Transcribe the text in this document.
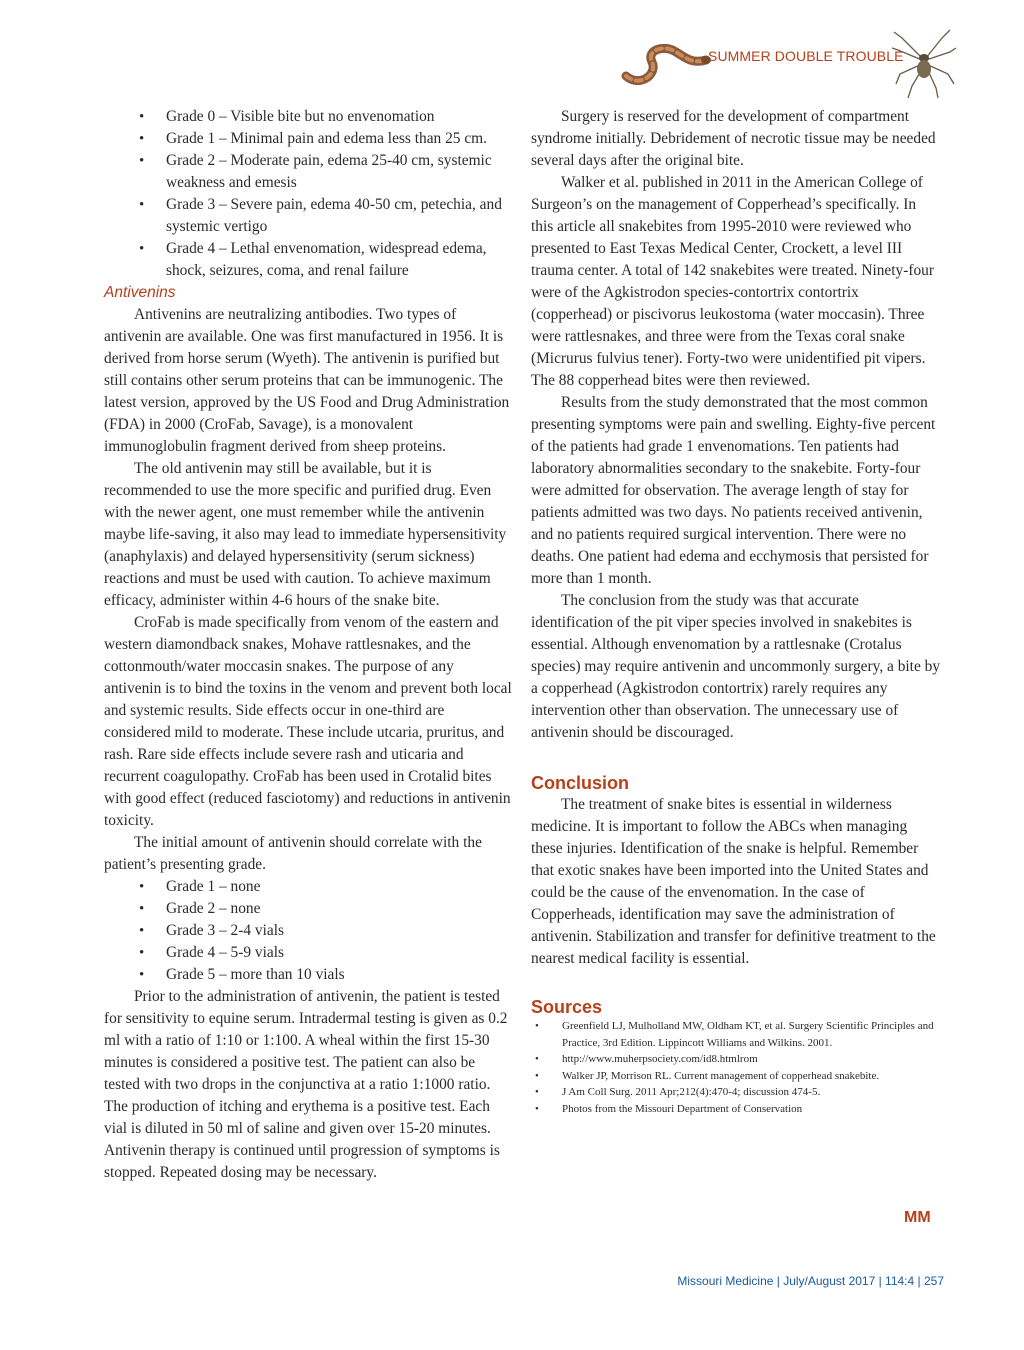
SUMMER DOUBLE TROUBLE
• Grade 0 – Visible bite but no envenomation
• Grade 1 – Minimal pain and edema less than 25 cm.
• Grade 2 – Moderate pain, edema 25-40 cm, systemic weakness and emesis
• Grade 3 – Severe pain, edema 40-50 cm, petechia, and systemic vertigo
• Grade 4 – Lethal envenomation, widespread edema, shock, seizures, coma, and renal failure
Antivenins

Antivenins are neutralizing antibodies. Two types of antivenin are available. One was first manufactured in 1956. It is derived from horse serum (Wyeth). The antivenin is purified but still contains other serum proteins that can be immunogenic. The latest version, approved by the US Food and Drug Administration (FDA) in 2000 (CroFab, Savage), is a monovalent immunoglobulin fragment derived from sheep proteins.

The old antivenin may still be available, but it is recommended to use the more specific and purified drug. Even with the newer agent, one must remember while the antivenin maybe life-saving, it also may lead to immediate hypersensitivity (anaphylaxis) and delayed hypersensitivity (serum sickness) reactions and must be used with caution. To achieve maximum efficacy, administer within 4-6 hours of the snake bite.

CroFab is made specifically from venom of the eastern and western diamondback snakes, Mohave rattlesnakes, and the cottonmouth/water moccasin snakes. The purpose of any antivenin is to bind the toxins in the venom and prevent both local and systemic results. Side effects occur in one-third are considered mild to moderate. These include utcaria, pruritus, and rash. Rare side effects include severe rash and uticaria and recurrent coagulopathy. CroFab has been used in Crotalid bites with good effect (reduced fasciotomy) and reductions in antivenin toxicity.

The initial amount of antivenin should correlate with the patient’s presenting grade.

• Grade 1 – none
• Grade 2 – none
• Grade 3 – 2-4 vials
• Grade 4 – 5-9 vials
• Grade 5 – more than 10 vials

Prior to the administration of antivenin, the patient is tested for sensitivity to equine serum. Intradermal testing is given as 0.2 ml with a ratio of 1:10 or 1:100. A wheal within the first 15-30 minutes is considered a positive test. The patient can also be tested with two drops in the conjunctiva at a ratio 1:1000 ratio. The production of itching and erythema is a positive test. Each vial is diluted in 50 ml of saline and given over 15-20 minutes. Antivenin therapy is continued until progression of symptoms is stopped. Repeated dosing may be necessary.

Surgery is reserved for the development of compartment syndrome initially. Debridement of necrotic tissue may be needed several days after the original bite.

Walker et al. published in 2011 in the American College of Surgeon’s on the management of Copperhead’s specifically. In this article all snakebites from 1995-2010 were reviewed who presented to East Texas Medical Center, Crockett, a level III trauma center. A total of 142 snakebites were treated. Ninety-four were of the Agkistrodon species-contortrix contortrix (copperhead) or piscivorus leukostoma (water moccasin). Three were rattlesnakes, and three were from the Texas coral snake (Micrurus fulvius tener). Forty-two were unidentified pit vipers. The 88 copperhead bites were then reviewed.

Results from the study demonstrated that the most common presenting symptoms were pain and swelling. Eighty-five percent of the patients had grade 1 envenomations. Ten patients had laboratory abnormalities secondary to the snakebite. Forty-four were admitted for observation. The average length of stay for patients admitted was two days. No patients received antivenin, and no patients required surgical intervention. There were no deaths. One patient had edema and ecchymosis that persisted for more than 1 month.

The conclusion from the study was that accurate identification of the pit viper species involved in snakebites is essential. Although envenomation by a rattlesnake (Crotalus species) may require antivenin and uncommonly surgery, a bite by a copperhead (Agkistrodon contortrix) rarely requires any intervention other than observation. The unnecessary use of antivenin should be discouraged.

Conclusion

The treatment of snake bites is essential in wilderness medicine. It is important to follow the ABCs when managing these injuries. Identification of the snake is helpful. Remember that exotic snakes have been imported into the United States and could be the cause of the envenomation. In the case of Copperheads, identification may save the administration of antivenin. Stabilization and transfer for definitive treatment to the nearest medical facility is essential.

Sources
• Greenfield LJ, Mulholland MW, Oldham KT, et al. Surgery Scientific Principles and Practice, 3rd Edition. Lippincott Williams and Wilkins. 2001.
• http://www.muherpsociety.com/id8.htmlrom
• Walker JP, Morrison RL. Current management of copperhead snakebite.
• J Am Coll Surg. 2011 Apr;212(4):470-4; discussion 474-5.
• Photos from the Missouri Department of Conservation
MM
Missouri Medicine | July/August 2017 | 114:4 | 257
